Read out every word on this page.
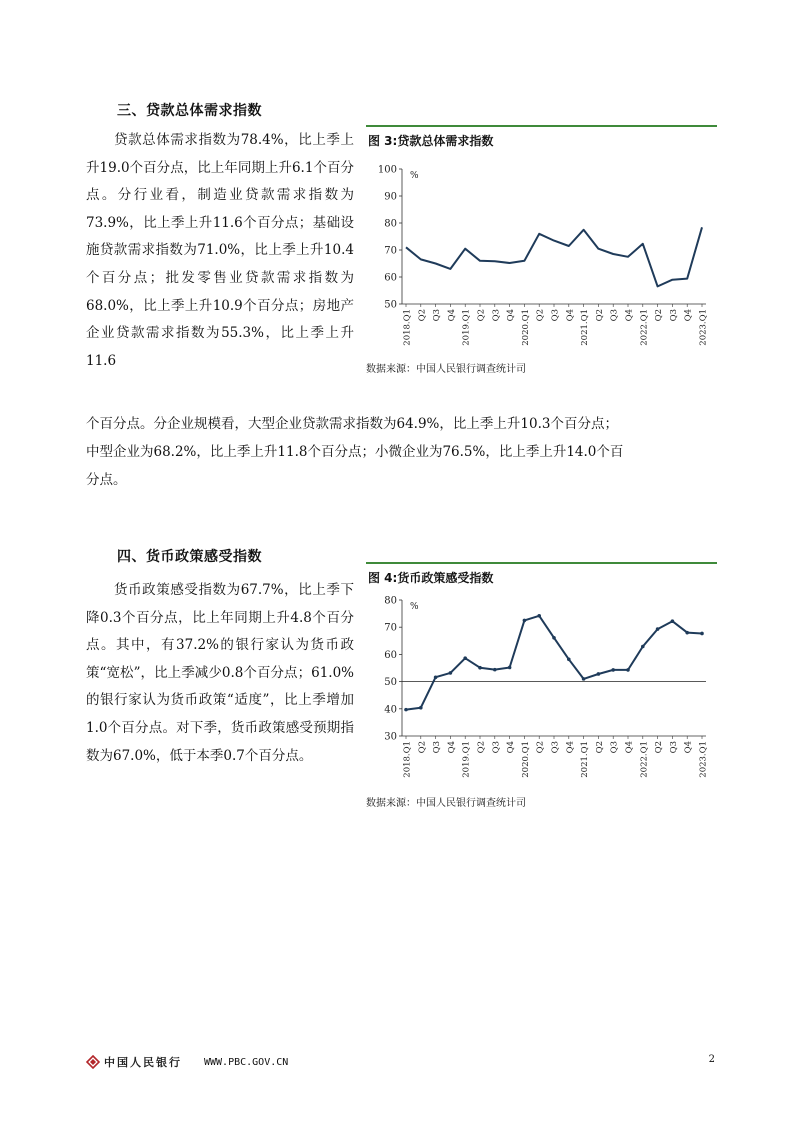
三、贷款总体需求指数

贷款总体需求指数为78.4%，比上季上升19.0个百分点，比上年同期上升6.1个百分点。分行业看，制造业贷款需求指数为73.9%，比上季上升11.6个百分点；基础设施贷款需求指数为71.0%，比上季上升10.4个百分点；批发零售业贷款需求指数为68.0%，比上季上升10.9个百分点；房地产企业贷款需求指数为55.3%，比上季上升11.6

个百分点。分企业规模看，大型企业贷款需求指数为64.9%，比上季上升10.3个百分点；

中型企业为68.2%，比上季上升11.8个百分点；小微企业为76.5%，比上季上升14.0个百

分点。

图 3:贷款总体需求指数
50
60
70
80
90
100
%
2018.Q1 Q2 Q3 Q4 2019.Q1 Q2 Q3 Q4 2020.Q1 Q2 Q3 Q4 2021.Q1 Q2 Q3 Q4 2022.Q1 Q2 Q3 Q4 2023.Q1
数据来源：中国人民银行调查统计司
四、货币政策感受指数

货币政策感受指数为67.7%，比上季下降0.3个百分点，比上年同期上升4.8个百分点。其中，有37.2%的银行家认为货币政策“宽松”，比上季减少0.8个百分点；61.0%的银行家认为货币政策“适度”，比上季增加1.0个百分点。对下季，货币政策感受预期指数为67.0%，低于本季0.7个百分点。

图 4:货币政策感受指数
30
40
50
60
70
80
%
2018.Q1 Q2 Q3 Q4 2019.Q1 Q2 Q3 Q4 2020.Q1 Q2 Q3 Q4 2021.Q1 Q2 Q3 Q4 2022.Q1 Q2 Q3 Q4 2023.Q1
数据来源：中国人民银行调查统计司
中国人民银行 WWW.PBC.GOV.CN	2
